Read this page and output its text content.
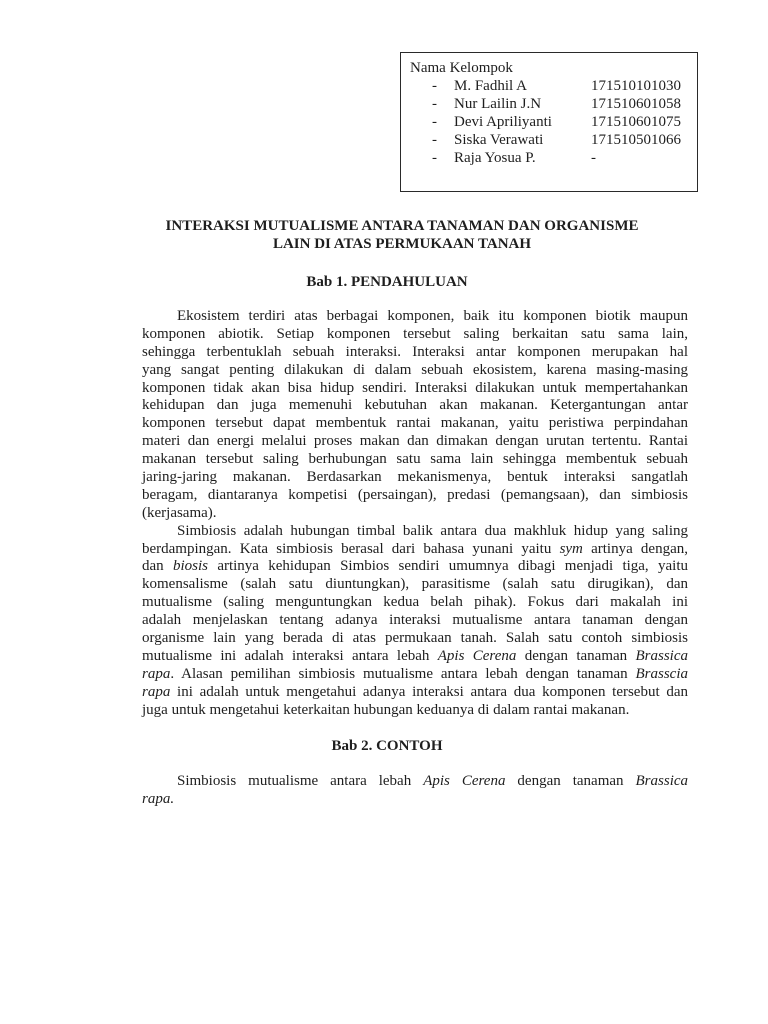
Nama Kelompok
-	M. Fadhil A	171510101030
-	Nur Lailin J.N	171510601058
-	Devi Apriliyanti	171510601075
-	Siska Verawati	171510501066
-	Raja Yosua P.	-
INTERAKSI MUTUALISME ANTARA TANAMAN DAN ORGANISME
LAIN DI ATAS PERMUKAAN TANAH
Bab 1. PENDAHULUAN
Ekosistem terdiri atas berbagai komponen, baik itu komponen biotik maupun
komponen abiotik. Setiap komponen tersebut saling berkaitan satu sama lain,
sehingga terbentuklah sebuah interaksi. Interaksi antar komponen merupakan hal
yang sangat penting dilakukan di dalam sebuah ekosistem, karena masing-masing
komponen tidak akan bisa hidup sendiri. Interaksi dilakukan untuk mempertahankan
kehidupan dan juga memenuhi kebutuhan akan makanan. Ketergantungan antar
komponen tersebut dapat membentuk rantai makanan, yaitu peristiwa perpindahan
materi dan energi melalui proses makan dan dimakan dengan urutan tertentu. Rantai
makanan tersebut saling berhubungan satu sama lain sehingga membentuk sebuah
jaring-jaring makanan. Berdasarkan mekanismenya, bentuk interaksi sangatlah
beragam, diantaranya kompetisi (persaingan), predasi (pemangsaan), dan simbiosis
(kerjasama).
Simbiosis adalah hubungan timbal balik antara dua makhluk hidup yang saling
berdampingan. Kata simbiosis berasal dari bahasa yunani yaitu sym artinya dengan,
dan biosis artinya kehidupan Simbios sendiri umumnya dibagi menjadi tiga, yaitu
komensalisme (salah satu diuntungkan), parasitisme (salah satu dirugikan), dan
mutualisme (saling menguntungkan kedua belah pihak). Fokus dari makalah ini
adalah menjelaskan tentang adanya interaksi mutualisme antara tanaman dengan
organisme lain yang berada di atas permukaan tanah. Salah satu contoh simbiosis
mutualisme ini adalah interaksi antara lebah Apis Cerena dengan tanaman Brassica
rapa. Alasan pemilihan simbiosis mutualisme antara lebah dengan tanaman Brasscia
rapa ini adalah untuk mengetahui adanya interaksi antara dua komponen tersebut dan
juga untuk mengetahui keterkaitan hubungan keduanya di dalam rantai makanan.
Bab 2. CONTOH
Simbiosis mutualisme antara lebah Apis Cerena dengan tanaman Brassica
rapa.
